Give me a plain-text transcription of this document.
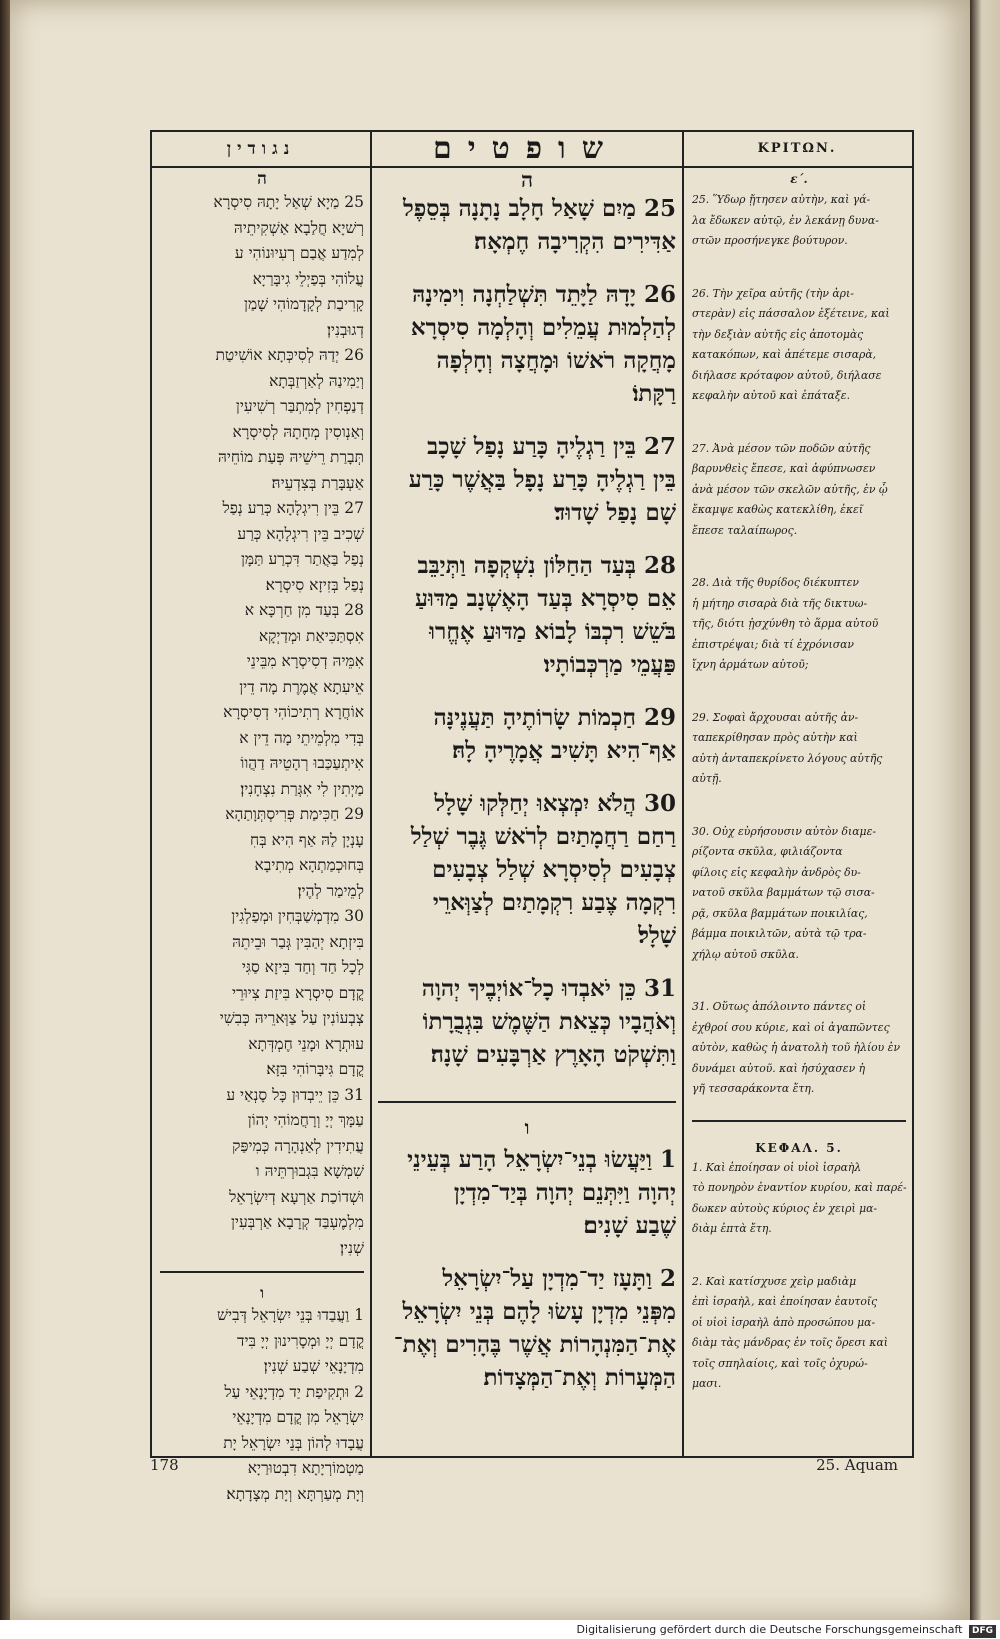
נגודין	שופטים	ΚΡΙΤΩΝ.
ה
25 מַיָא שְׁאַל יָתָהּ סִיסְרָא
רְשׁיָא חֲלַבָא אַשְׁקִיתֵיהּ
לְמִדַע אֲבַם רְעִיוּנוֹהִי ע
עֲלוֹהִי בְּפַיְלֵי גִיבָּרַיָא
קָרִיבַת לְקָדָמוֹהִי שָׁמַן
דְגוּבְנִין׃
26 יְדַהּ לְסִיכְּתָא אוֹשִׁיטַת
וְיַמִינַהּ לְאַרְזַבְּתָא
דְנַפְחִין לְמִתְבַּר רְשִׁיעִין
וְאַנְוסִין מְחָתָהּ לְסִיסְרָא
תְּבָרַת רֵישֵׁיהּ פְּעַת מוֹחֵיהּ
אַעְבָּרַת בְּצִדְעֵיהּ׃
27 בֵּין רִיגְלָהָא כְּרַע נְפַל
שְׁכִיב בֵּין רִיגְלָהָא כְּרַע
נְפַל בַּאֲתַר דִּכְרַע תַּמָּן
נְפַל בְּזִיזָא סִיסְרָא׃
28 בְּעַד מִן חַרְכָּא א
אִסְתַּכִּיאַת וּמְדַיְקָא
אִמֵּיהּ דְסִיסְרָא מִבֵּינֵי
אֵיעִתָא אֲמֶרֶת מָה דֵין
אוֹחֲרָא רְתִיכוֹהִי דְסִיסְרָא
בְּדִי מִלְמֵיתֵי מָה דֵין א
אִיתְעַכַּבוּ רְהָטֵיהּ דַהֲווֹ
מַיְתִין לִי אִגְּרַת נִצְחָנִין׃
29 חַכִּימַת פְּרִיסְתְּוָתַהָא
עָנְיָן לַהּ אַף הִיא בְּחִ
בְּחוּכְמַתְהָא מְתִיבָא
לְמֵימַר לְהֶין׃
30 מִדְמְשַׁבְּחִין וּמְפַלְגִין
בִּיזְתָא יְהַבִּין גְּבַר וּבֵיתֵהּ
לְכָל חַד וְחַד בִּיזָא סַגִּי
קֳדָם סִיסְרָא בִּיזַת צִיוּרֵי
צְבְעוֹנִין עַל צַוְּארֵיהּ כְּבִשִׁי
עוּתְרָא וּמָנֵי חֶמְדְּתָא
קֳדָם גִּיבָּרוֹהִי בִּזָּא׃
31 כֵּן יֵיבְדוּן כָּל סָנְאַי ע
עַמָּךְ יְיָ וְרָחֲמוֹהִי יְהוֹן
עֲתִידִין לְאַנְהָרָה כְּמִיפַּק
שִׁמְשָׁא בִּגְבוּרְתֵּיהּ ו
וּשְׁדוֹכַת אַרְעָא דְיִשְׂרָאֵל
מִלְמֶעְבַּד קְרָבָא אַרְבְּעִין
שְׁנִין׃
ו
1 וַעֲבַדוּ בְּנֵי יִשְׂרָאֵל דְּבִישׁ
קֳדָם יְיָ וּמְסָרִינוּן יְיָ בִּיד
מִדְיָנָאֵי שְׁבַע שְׁנִין׃
2 וּתְקִיפַת יַד מִדְיָנָאֵי עַל
יִשְׂרָאֵל מִן קֳדָם מִדְיָנָאֵי
עֲבָדוּ לְהוֹן בְּנֵי יִשְׂרָאֵל יָת
מַטְמוֹרְיָתָא דִבְטוּרַיָא
וְיָת מְעַרְתָּא וְיָת מְצָדָתָא׃
ה
25 מַיִם שָׁאַל חָלָב נָתָנָה בְּסֵפֶל
אַדִּירִים הִקְרִיבָה חֶמְאָה׃
26 יָדָהּ לַיָּתֵד תִּשְׁלַחְנָה וִימִינָהּ
לְהַלְמוּת עֲמֵלִים וְהָלְמָה סִיסְרָא
מָחֲקָה רֹאשׁוֹ וּמָחֲצָה וְחָלְפָה
רַקָּתוֹ׃
27 בֵּין רַגְלֶיהָ כָּרַע נָפַל שָׁכָב
בֵּין רַגְלֶיהָ כָּרַע נָפָל בַּאֲשֶׁר כָּרַע
שָׁם נָפַל שָׁדוּד׃
28 בְּעַד הַחַלּוֹן נִשְׁקְפָה וַתְּיַבֵּב
אֵם סִיסְרָא בְּעַד הָאֶשְׁנָב מַדּוּעַ
בֹּשֵׁשׁ רִכְבּוֹ לָבוֹא מַדּוּעַ אֶחֱרוּ
פַּעֲמֵי מַרְכְּבוֹתָיו׃
29 חַכְמוֹת שָׂרוֹתֶיהָ תַּעֲנֶינָּה
אַף־הִיא תָּשִׁיב אֲמָרֶיהָ לָהּ׃
30 הֲלֹא יִמְצְאוּ יְחַלְּקוּ שָׁלָל
רַחַם רַחֲמָתַיִם לְרֹאשׁ גֶּבֶר שְׁלַל
צְבָעִים לְסִיסְרָא שְׁלַל צְבָעִים
רִקְמָה צֶבַע רִקְמָתַיִם לְצַוְּארֵי
שָׁלָל׃
31 כֵּן יֹאבְדוּ כָל־אוֹיְבֶיךָ יְהוָה
וְאֹהֲבָיו כְּצֵאת הַשֶּׁמֶשׁ בִּגְבֻרָתוֹ
וַתִּשְׁקֹט הָאָרֶץ אַרְבָּעִים שָׁנָה׃
ו
1 וַיַּעֲשׂוּ בְנֵי־יִשְׂרָאֵל הָרַע בְּעֵינֵי
יְהוָה וַיִּתְּנֵם יְהוָה בְּיַד־מִדְיָן
שֶׁבַע שָׁנִים׃
2 וַתָּעָז יַד־מִדְיָן עַל־יִשְׂרָאֵל
מִפְּנֵי מִדְיָן עָשׂוּ לָהֶם בְּנֵי יִשְׂרָאֵל
אֶת־הַמִּנְהָרוֹת אֲשֶׁר בֶּהָרִים וְאֶת־
הַמְּעָרוֹת וְאֶת־הַמְּצָדוֹת׃
ε΄.
25. Ὕδωρ ᾔτησεν αὐτὴν, καὶ γά-
λα ἔδωκεν αὐτῷ, ἐν λεκάνῃ δυνα-
στῶν προσήνεγκε βούτυρον.
26. Τὴν χεῖρα αὐτῆς (τὴν ἀρι-
στερὰν) εἰς πάσσαλον ἐξέτεινε, καὶ
τὴν δεξιὰν αὐτῆς εἰς ἀποτομὰς
κατακόπων, καὶ ἀπέτεμε σισαρὰ,
διήλασε κρόταφον αὐτοῦ, διήλασε
κεφαλὴν αὐτοῦ καὶ ἐπάταξε.
27. Ἀνὰ μέσον τῶν ποδῶν αὐτῆς
βαρυνθεὶς ἔπεσε, καὶ ἀφύπνωσεν
ἀνὰ μέσον τῶν σκελῶν αὐτῆς, ἐν ᾧ
ἔκαμψε καθὼς κατεκλίθη, ἐκεῖ
ἔπεσε ταλαίπωρος.
28. Διὰ τῆς θυρίδος διέκυπτεν
ἡ μήτηρ σισαρὰ διὰ τῆς δικτυω-
τῆς, διότι ᾐσχύνθη τὸ ἅρμα αὐτοῦ
ἐπιστρέψαι; διὰ τί ἐχρόνισαν
ἴχνη ἁρμάτων αὐτοῦ;
29. Σοφαὶ ἄρχουσαι αὐτῆς ἀν-
ταπεκρίθησαν πρὸς αὐτὴν καὶ
αὐτὴ ἀνταπεκρίνετο λόγους αὐτῆς
αὐτῇ.
30. Οὐχ εὑρήσουσιν αὐτὸν διαμε-
ρίζοντα σκῦλα, φιλιάζοντα
φίλοις εἰς κεφαλὴν ἀνδρὸς δυ-
νατοῦ σκῦλα βαμμάτων τῷ σισα-
ρᾷ, σκῦλα βαμμάτων ποικιλίας,
βάμμα ποικιλτῶν, αὐτὰ τῷ τρα-
χήλῳ αὐτοῦ σκῦλα.
31. Οὕτως ἀπόλοιντο πάντες οἱ
ἐχθροί σου κύριε, καὶ οἱ ἀγαπῶντες
αὐτὸν, καθὼς ἡ ἀνατολὴ τοῦ ἡλίου ἐν
δυνάμει αὐτοῦ. καὶ ἡσύχασεν ἡ
γῆ τεσσαράκοντα ἔτη.
ΚΕΦΑΛ. 5.
1. Καὶ ἐποίησαν οἱ υἱοὶ ἰσραὴλ
τὸ πονηρὸν ἐναντίον κυρίου, καὶ παρέ-
δωκεν αὐτοὺς κύριος ἐν χειρὶ μα-
διὰμ ἑπτὰ ἔτη.
2. Καὶ κατίσχυσε χεὶρ μαδιὰμ
ἐπὶ ἰσραὴλ, καὶ ἐποίησαν ἑαυτοῖς
οἱ υἱοὶ ἰσραὴλ ἀπὸ προσώπου μα-
διὰμ τὰς μάνδρας ἐν τοῖς ὄρεσι καὶ
τοῖς σπηλαίοις, καὶ τοῖς ὀχυρώ-
μασι.
178	25. Aquam
Digitalisierung gefördert durch die Deutsche Forschungsgemeinschaft DFG
